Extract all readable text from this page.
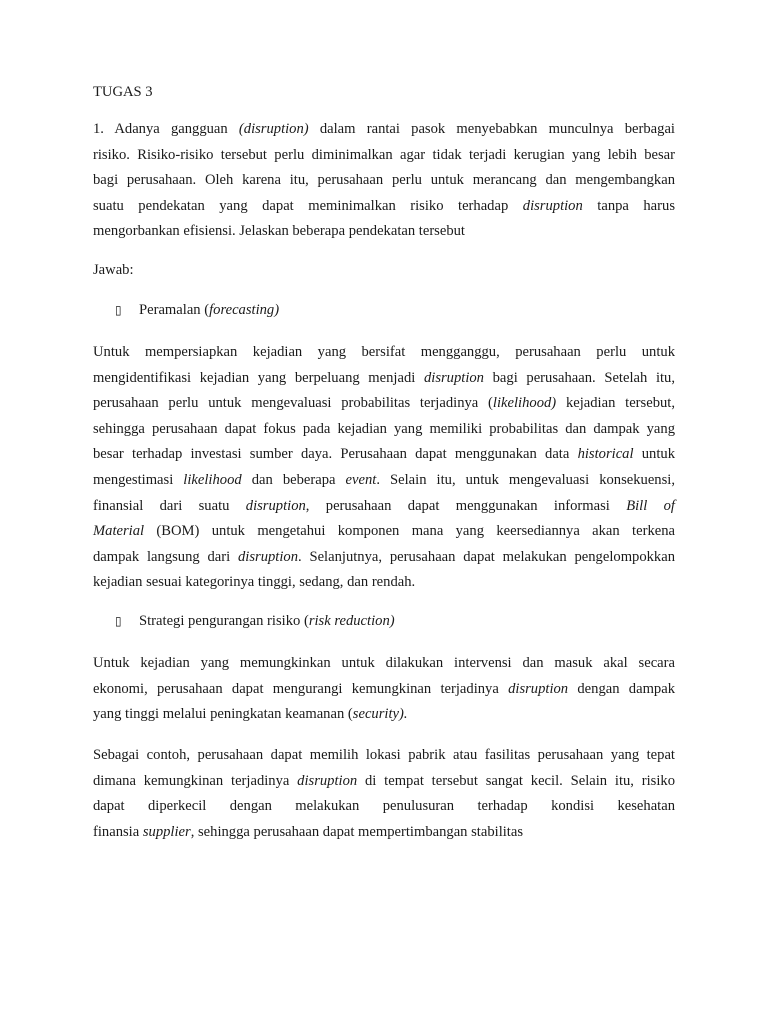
TUGAS 3

1. Adanya gangguan (disruption) dalam rantai pasok menyebabkan munculnya berbagai
risiko. Risiko-risiko tersebut perlu diminimalkan agar tidak terjadi kerugian yang lebih besar
bagi perusahaan. Oleh karena itu, perusahaan perlu untuk merancang dan mengembangkan
suatu pendekatan yang dapat meminimalkan risiko terhadap disruption tanpa harus
mengorbankan efisiensi. Jelaskan beberapa pendekatan tersebut

Jawab:

▯ Peramalan (forecasting)
Untuk mempersiapkan kejadian yang bersifat mengganggu, perusahaan perlu untuk
mengidentifikasi kejadian yang berpeluang menjadi disruption bagi perusahaan. Setelah itu,
perusahaan perlu untuk mengevaluasi probabilitas terjadinya (likelihood) kejadian tersebut,
sehingga perusahaan dapat fokus pada kejadian yang memiliki probabilitas dan dampak yang
besar terhadap investasi sumber daya. Perusahaan dapat menggunakan data historical untuk
mengestimasi likelihood dan beberapa event. Selain itu, untuk mengevaluasi konsekuensi,
finansial dari suatu disruption, perusahaan dapat menggunakan informasi Bill of
Material (BOM) untuk mengetahui komponen mana yang keersediannya akan terkena
dampak langsung dari disruption. Selanjutnya, perusahaan dapat melakukan pengelompokkan
kejadian sesuai kategorinya tinggi, sedang, dan rendah.
▯ Strategi pengurangan risiko (risk reduction)
Untuk kejadian yang memungkinkan untuk dilakukan intervensi dan masuk akal secara
ekonomi, perusahaan dapat mengurangi kemungkinan terjadinya disruption dengan dampak
yang tinggi melalui peningkatan keamanan (security).
Sebagai contoh, perusahaan dapat memilih lokasi pabrik atau fasilitas perusahaan yang tepat
dimana kemungkinan terjadinya disruption di tempat tersebut sangat kecil. Selain itu, risiko
dapat diperkecil dengan melakukan penulusuran terhadap kondisi kesehatan
finansia supplier, sehingga perusahaan dapat mempertimbangan stabilitas
